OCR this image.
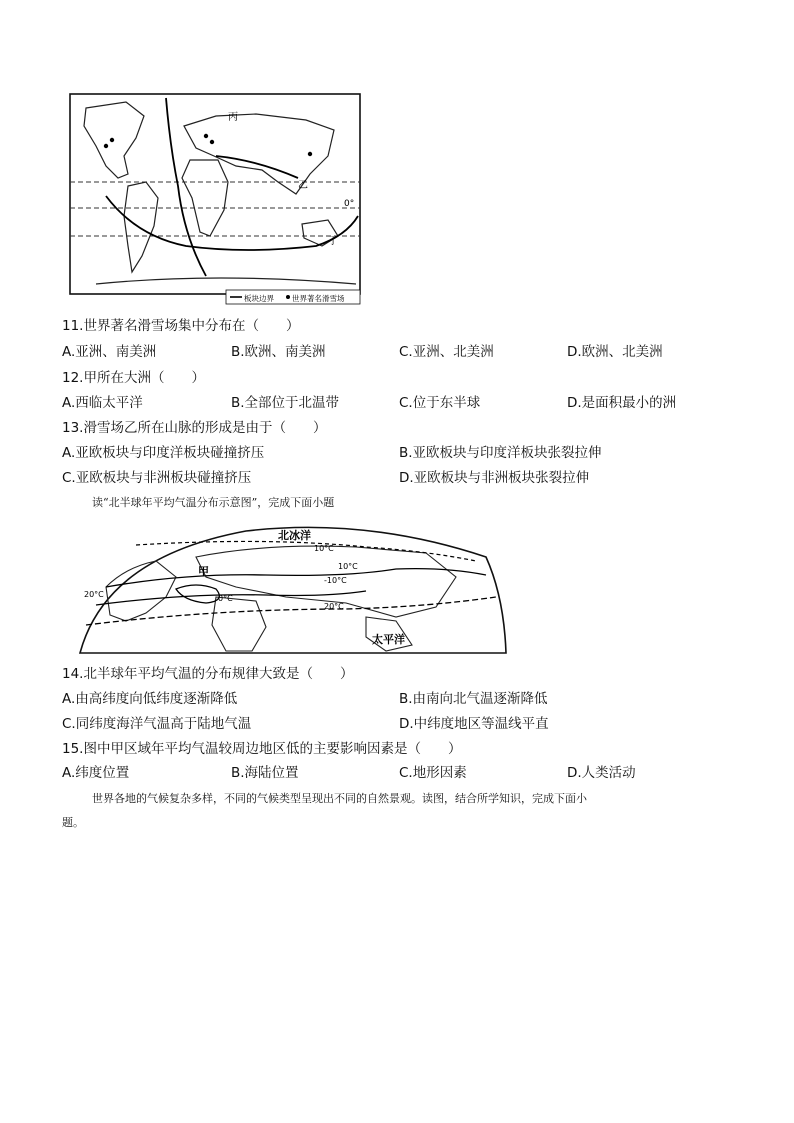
丙
乙
丁
0°
板块边界 世界著名滑雪场
11.世界著名滑雪场集中分布在（　　）
A.亚洲、南美洲	B.欧洲、南美洲	C.亚洲、北美洲	D.欧洲、北美洲
12.甲所在大洲（　　）
A.西临太平洋	B.全部位于北温带	C.位于东半球	D.是面积最小的洲
13.滑雪场乙所在山脉的形成是由于（　　）
A.亚欧板块与印度洋板块碰撞挤压	B.亚欧板块与印度洋板块张裂拉伸
C.亚欧板块与非洲板块碰撞挤压	D.亚欧板块与非洲板块张裂拉伸
读“北半球年平均气温分布示意图”，完成下面小题
北冰洋
10°C
-10°C
甲
0°C
20°C
20°C
10°C
太平洋
14.北半球年平均气温的分布规律大致是（　　）
A.由高纬度向低纬度逐渐降低	B.由南向北气温逐渐降低
C.同纬度海洋气温高于陆地气温	D.中纬度地区等温线平直
15.图中甲区域年平均气温较周边地区低的主要影响因素是（　　）
A.纬度位置	B.海陆位置	C.地形因素	D.人类活动
世界各地的气候复杂多样，不同的气候类型呈现出不同的自然景观。读图，结合所学知识，完成下面小
题。
